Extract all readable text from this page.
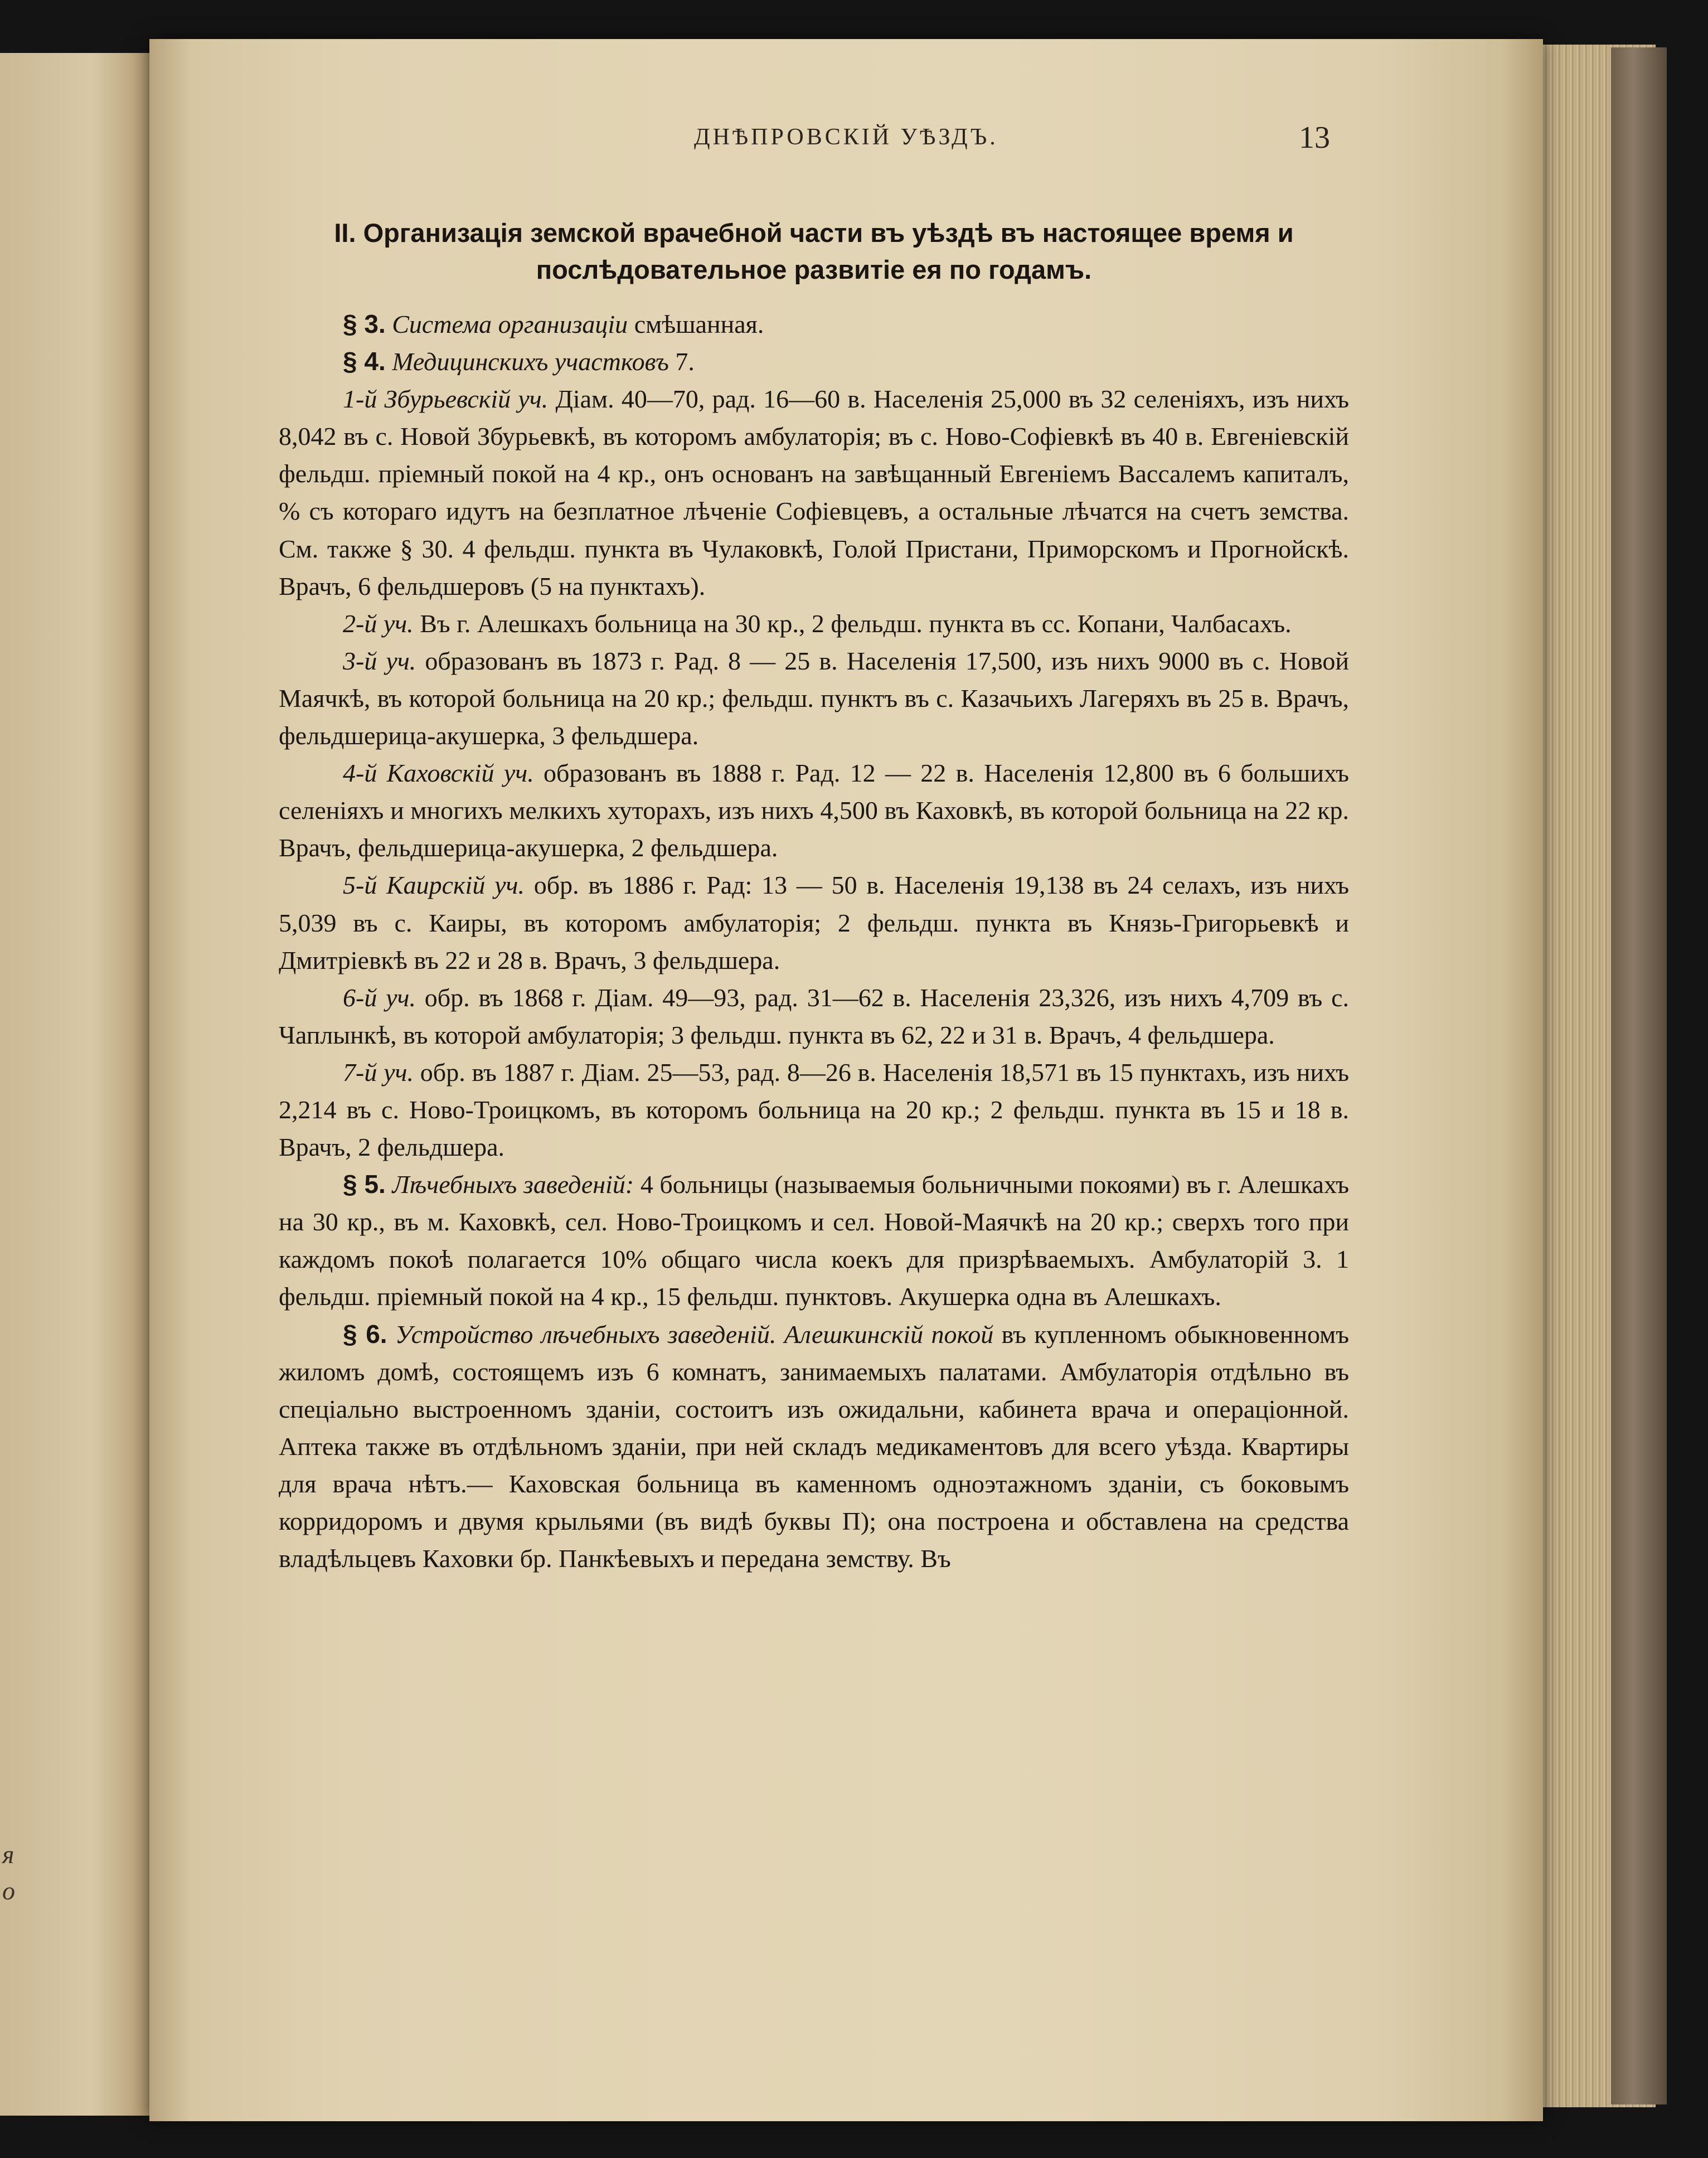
я
о
ДНѢПРОВСКІЙ УѢЗДЪ.	13
II. Организація земской врачебной части въ уѣздѣ въ настоящее время и послѣдовательное развитіе ея по годамъ.

§ 3. Система организаціи смѣшанная.

§ 4. Медицинскихъ участковъ 7.

1-й Збурьевскій уч. Діам. 40—70, рад. 16—60 в. Населенія 25,000 въ 32 селеніяхъ, изъ нихъ 8,042 въ с. Новой Збурьевкѣ, въ которомъ амбулаторія; въ с. Ново-Софіевкѣ въ 40 в. Евгеніевскій фельдш. пріемный покой на 4 кр., онъ основанъ на завѣщанный Евгеніемъ Вассалемъ капиталъ, % съ котораго идутъ на безплатное лѣченіе Софіевцевъ, а остальные лѣчатся на счетъ земства. См. также § 30. 4 фельдш. пункта въ Чулаковкѣ, Голой Пристани, Приморскомъ и Прогнойскѣ. Врачъ, 6 фельдшеровъ (5 на пунктахъ).

2-й уч. Въ г. Алешкахъ больница на 30 кр., 2 фельдш. пункта въ сс. Копани, Чалбасахъ.

3-й уч. образованъ въ 1873 г. Рад. 8 — 25 в. Населенія 17,500, изъ нихъ 9000 въ с. Новой Маячкѣ, въ которой больница на 20 кр.; фельдш. пунктъ въ с. Казачьихъ Лагеряхъ въ 25 в. Врачъ, фельдшерица-акушерка, 3 фельдшера.

4-й Каховскій уч. образованъ въ 1888 г. Рад. 12 — 22 в. Населенія 12,800 въ 6 большихъ селеніяхъ и многихъ мелкихъ хуторахъ, изъ нихъ 4,500 въ Каховкѣ, въ которой больница на 22 кр. Врачъ, фельдшерица-акушерка, 2 фельдшера.

5-й Каирскій уч. обр. въ 1886 г. Рад: 13 — 50 в. Населенія 19,138 въ 24 селахъ, изъ нихъ 5,039 въ с. Каиры, въ которомъ амбулаторія; 2 фельдш. пункта въ Князь-Григорьевкѣ и Дмитріевкѣ въ 22 и 28 в. Врачъ, 3 фельдшера.

6-й уч. обр. въ 1868 г. Діам. 49—93, рад. 31—62 в. Населенія 23,326, изъ нихъ 4,709 въ с. Чаплынкѣ, въ которой амбулаторія; 3 фельдш. пункта въ 62, 22 и 31 в. Врачъ, 4 фельдшера.

7-й уч. обр. въ 1887 г. Діам. 25—53, рад. 8—26 в. Населенія 18,571 въ 15 пунктахъ, изъ нихъ 2,214 въ с. Ново-Троицкомъ, въ которомъ больница на 20 кр.; 2 фельдш. пункта въ 15 и 18 в. Врачъ, 2 фельдшера.

§ 5. Лѣчебныхъ заведеній: 4 больницы (называемыя больничными покоями) въ г. Алешкахъ на 30 кр., въ м. Каховкѣ, сел. Ново-Троицкомъ и сел. Новой-Маячкѣ на 20 кр.; сверхъ того при каждомъ покоѣ полагается 10% общаго числа коекъ для призрѣваемыхъ. Амбулаторій 3. 1 фельдш. пріемный покой на 4 кр., 15 фельдш. пунктовъ. Акушерка одна въ Алешкахъ.

§ 6. Устройство лѣчебныхъ заведеній. Алешкинскій покой въ купленномъ обыкновенномъ жиломъ домѣ, состоящемъ изъ 6 комнатъ, занимаемыхъ палатами. Амбулаторія отдѣльно въ спеціально выстроенномъ зданіи, состоитъ изъ ожидальни, кабинета врача и операціонной. Аптека также въ отдѣльномъ зданіи, при ней складъ медикаментовъ для всего уѣзда. Квартиры для врача нѣтъ.— Каховская больница въ каменномъ одноэтажномъ зданіи, съ боковымъ корридоромъ и двумя крыльями (въ видѣ буквы П); она построена и обставлена на средства владѣльцевъ Каховки бр. Панкѣевыхъ и передана земству. Въ
